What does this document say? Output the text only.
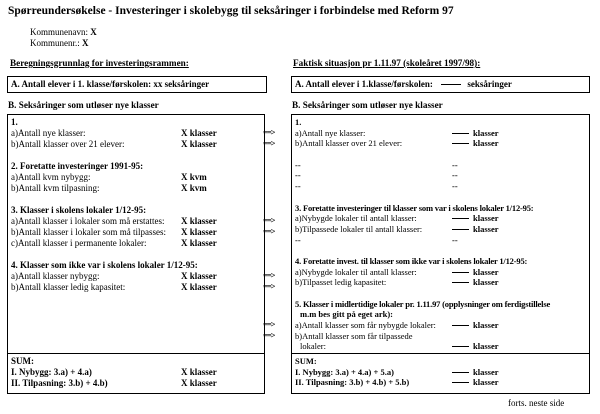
Spørreundersøkelse - Investeringer i skolebygg til seksåringer i forbindelse med Reform 97
Kommunenavn: X
Kommunenr.: X
Beregningsgrunnlag for investeringsrammen:	Faktisk situasjon pr 1.11.97 (skoleåret 1997/98):
A. Antall elever i 1. klasse/førskolen: xx seksåringer	A. Antall elever i 1.klasse/førskolen:	seksåringer
B. Seksåringer som utløser nye klasser	B. Seksåringer som utløser nye klasser
1.
a)Antall nye klasser:	X klasser
b)Antall klasser over 21 elever:	X klasser
2. Foretatte investeringer 1991-95:
a)Antall kvm nybygg:	X kvm
b)Antall kvm tilpasning:	X kvm
3. Klasser i skolens lokaler 1/12-95:
a)Antall klasser i lokaler som må erstattes: X klasser
b)Antall klasser i lokaler som må tilpasses: X klasser
c)Antall klasser i permanente lokaler:	X klasser
4. Klasser som ikke var i skolens lokaler 1/12-95:
a)Antall klasser nybygg:	X klasser
b)Antall klasser ledig kapasitet:	X klasser
1.
a)Antall nye klasser:	klasser
b)Antall klasser over 21 elever:	klasser
--	--
--	--
--	--
3. Foretatte investeringer til klasser som var i skolens lokaler 1/12-95:
a)Nybygde lokaler til antall klasser:	klasser
b)Tilpassede lokaler til antall klasser:	klasser
--	--
4. Foretatte invest. til klasser som ikke var i skolens lokaler 1/12-95:
a)Nybygde lokaler til antall klasser:	klasser
b)Tilpasset ledig kapasitet:	klasser
5. Klasser i midlertidige lokaler pr. 1.11.97 (opplysninger om ferdigstillelse
m.m bes gitt på eget ark):
a)Antall klasser som får nybygde lokaler:	klasser
b)Antall klasser som får tilpassede
lokaler:	klasser
==>
==>
==>
==>
==>
==>
==>
==>
SUM:
I. Nybygg: 3.a) + 4.a)	X klasser
II. Tilpasning: 3.b) + 4.b)	X klasser
SUM:
I. Nybygg: 3.a) + 4.a) + 5.a)	klasser
II. Tilpasning: 3.b) + 4.b) + 5.b)	klasser
forts. neste side
